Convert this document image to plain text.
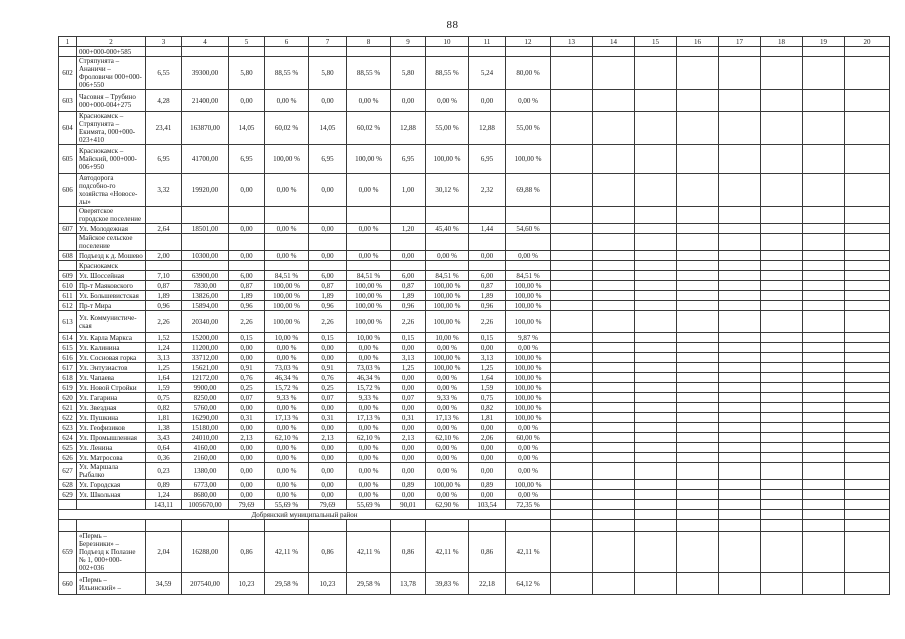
88
1	2	3	4	5	6	7	8	9	10	11	12	13	14	15	16	17	18	19	20
	000+000-000+585																		
602	Стряпунята – Ананичи – Фроловичи 000+000-006+550	6,55	39300,00	5,80	88,55 %	5,80	88,55 %	5,80	88,55 %	5,24	80,00 %								
603	Часовня – Трубино 000+000-004+275	4,28	21400,00	0,00	0,00 %	0,00	0,00 %	0,00	0,00 %	0,00	0,00 %								
604	Краснокамск – Стряпунята – Екимята, 000+000-023+410	23,41	163870,00	14,05	60,02 %	14,05	60,02 %	12,88	55,00 %	12,88	55,00 %								
605	Краснокамск – Майский, 000+000-006+950	6,95	41700,00	6,95	100,00 %	6,95	100,00 %	6,95	100,00 %	6,95	100,00 %								
606	Автодорога подсобно-го хозяйства «Новосе-лы»	3,32	19920,00	0,00	0,00 %	0,00	0,00 %	1,00	30,12 %	2,32	69,88 %								
	Оверятское городское поселение																		
607	Ул. Молодежная	2,64	18501,00	0,00	0,00 %	0,00	0,00 %	1,20	45,40 %	1,44	54,60 %								
	Майское сельское поселение																		
608	Подъезд к д. Мошево	2,00	10300,00	0,00	0,00 %	0,00	0,00 %	0,00	0,00 %	0,00	0,00 %								
	Краснокамск																		
609	Ул. Шоссейная	7,10	63900,00	6,00	84,51 %	6,00	84,51 %	6,00	84,51 %	6,00	84,51 %								
610	Пр-т Маяковского	0,87	7830,00	0,87	100,00 %	0,87	100,00 %	0,87	100,00 %	0,87	100,00 %								
611	Ул. Большевистская	1,89	13826,00	1,89	100,00 %	1,89	100,00 %	1,89	100,00 %	1,89	100,00 %								
612	Пр-т Мира	0,96	15894,00	0,96	100,00 %	0,96	100,00 %	0,96	100,00 %	0,96	100,00 %								
613	Ул. Коммунистиче-ская	2,26	20340,00	2,26	100,00 %	2,26	100,00 %	2,26	100,00 %	2,26	100,00 %								
614	Ул. Карла Маркса	1,52	15200,00	0,15	10,00 %	0,15	10,00 %	0,15	10,00 %	0,15	9,87 %								
615	Ул. Калинина	1,24	11200,00	0,00	0,00 %	0,00	0,00 %	0,00	0,00 %	0,00	0,00 %								
616	Ул. Сосновая горка	3,13	33712,00	0,00	0,00 %	0,00	0,00 %	3,13	100,00 %	3,13	100,00 %								
617	Ул. Энтузиастов	1,25	15621,00	0,91	73,03 %	0,91	73,03 %	1,25	100,00 %	1,25	100,00 %								
618	Ул. Чапаева	1,64	12172,00	0,76	46,34 %	0,76	46,34 %	0,00	0,00 %	1,64	100,00 %								
619	Ул. Новой Стройки	1,59	9900,00	0,25	15,72 %	0,25	15,72 %	0,00	0,00 %	1,59	100,00 %								
620	Ул. Гагарина	0,75	8250,00	0,07	9,33 %	0,07	9,33 %	0,07	9,33 %	0,75	100,00 %								
621	Ул. Звездная	0,82	5760,00	0,00	0,00 %	0,00	0,00 %	0,00	0,00 %	0,82	100,00 %								
622	Ул. Пушкина	1,81	16290,00	0,31	17,13 %	0,31	17,13 %	0,31	17,13 %	1,81	100,00 %								
623	Ул. Геофизиков	1,38	15180,00	0,00	0,00 %	0,00	0,00 %	0,00	0,00 %	0,00	0,00 %								
624	Ул. Промышленная	3,43	24010,00	2,13	62,10 %	2,13	62,10 %	2,13	62,10 %	2,06	60,00 %								
625	Ул. Ленина	0,64	4160,00	0,00	0,00 %	0,00	0,00 %	0,00	0,00 %	0,00	0,00 %								
626	Ул. Матросова	0,36	2160,00	0,00	0,00 %	0,00	0,00 %	0,00	0,00 %	0,00	0,00 %								
627	Ул. Маршала Рыбалко	0,23	1380,00	0,00	0,00 %	0,00	0,00 %	0,00	0,00 %	0,00	0,00 %								
628	Ул. Городская	0,89	6773,00	0,00	0,00 %	0,00	0,00 %	0,89	100,00 %	0,89	100,00 %								
629	Ул. Школьная	1,24	8680,00	0,00	0,00 %	0,00	0,00 %	0,00	0,00 %	0,00	0,00 %								
		143,11	1005670,00	79,69	55,69 %	79,69	55,69 %	90,01	62,90 %	103,54	72,35 %								
Добрянский муниципальный район																			

659	«Пермь – Березники» – Подъезд к Полазне № 1, 000+000-002+036	2,04	16288,00	0,86	42,11 %	0,86	42,11 %	0,86	42,11 %	0,86	42,11 %								
660	«Пермь – Ильинский» –	34,59	207540,00	10,23	29,58 %	10,23	29,58 %	13,78	39,83 %	22,18	64,12 %								
